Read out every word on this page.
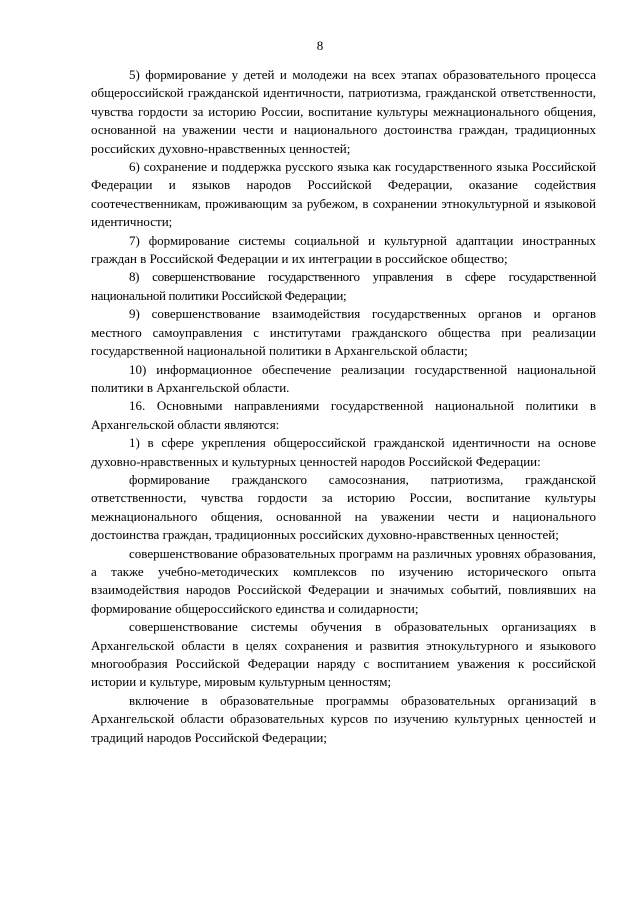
8

5) формирование у детей и молодежи на всех этапах образовательного процесса общероссийской гражданской идентичности, патриотизма, гражданской ответственности, чувства гордости за историю России, воспитание культуры межнационального общения, основанной на уважении чести и национального достоинства граждан, традиционных российских духовно-нравственных ценностей;

6) сохранение и поддержка русского языка как государственного языка Российской Федерации и языков народов Российской Федерации, оказание содействия соотечественникам, проживающим за рубежом, в сохранении этнокультурной и языковой идентичности;

7) формирование системы социальной и культурной адаптации иностранных граждан в Российской Федерации и их интеграции в российское общество;

8) совершенствование государственного управления в сфере государственной национальной политики Российской Федерации;

9) совершенствование взаимодействия государственных органов и органов местного самоуправления с институтами гражданского общества при реализации государственной национальной политики в Архангельской области;

10) информационное обеспечение реализации государственной национальной политики в Архангельской области.

16. Основными направлениями государственной национальной политики в Архангельской области являются:

1) в сфере укрепления общероссийской гражданской идентичности на основе духовно-нравственных и культурных ценностей народов Российской Федерации:

формирование гражданского самосознания, патриотизма, гражданской ответственности, чувства гордости за историю России, воспитание культуры межнационального общения, основанной на уважении чести и национального достоинства граждан, традиционных российских духовно-нравственных ценностей;

совершенствование образовательных программ на различных уровнях образования, а также учебно-методических комплексов по изучению исторического опыта взаимодействия народов Российской Федерации и значимых событий, повлиявших на формирование общероссийского единства и солидарности;

совершенствование системы обучения в образовательных организациях в Архангельской области в целях сохранения и развития этнокультурного и языкового многообразия Российской Федерации наряду с воспитанием уважения к российской истории и культуре, мировым культурным ценностям;

включение в образовательные программы образовательных организаций в Архангельской области образовательных курсов по изучению культурных ценностей и традиций народов Российской Федерации;
